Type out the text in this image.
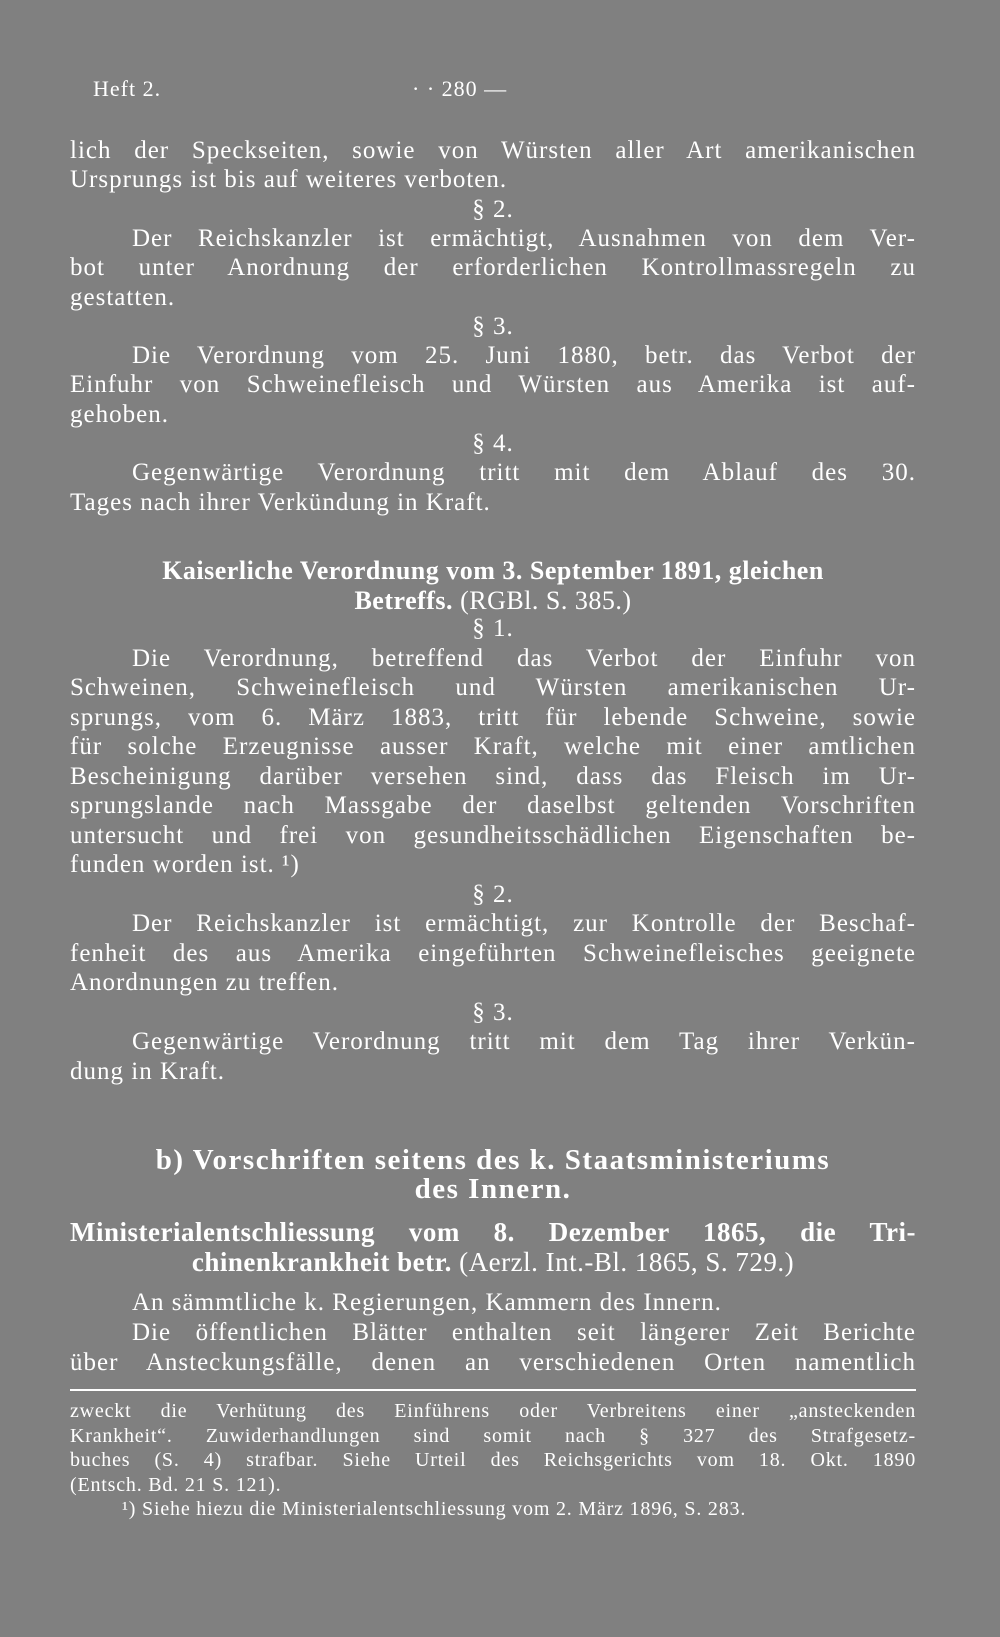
Heft 2.	· · 280 —
lich der Speckseiten, sowie von Würsten aller Art amerikanischen
Ursprungs ist bis auf weiteres verboten.
§ 2.
Der Reichskanzler ist ermächtigt, Ausnahmen von dem Ver-
bot unter Anordnung der erforderlichen Kontrollmassregeln zu
gestatten.
§ 3.
Die Verordnung vom 25. Juni 1880, betr. das Verbot der
Einfuhr von Schweinefleisch und Würsten aus Amerika ist auf-
gehoben.
§ 4.
Gegenwärtige Verordnung tritt mit dem Ablauf des 30.
Tages nach ihrer Verkündung in Kraft.
Kaiserliche Verordnung vom 3. September 1891, gleichen
Betreffs. (RGBl. S. 385.)
§ 1.
Die Verordnung, betreffend das Verbot der Einfuhr von
Schweinen, Schweinefleisch und Würsten amerikanischen Ur-
sprungs, vom 6. März 1883, tritt für lebende Schweine, sowie
für solche Erzeugnisse ausser Kraft, welche mit einer amtlichen
Bescheinigung darüber versehen sind, dass das Fleisch im Ur-
sprungslande nach Massgabe der daselbst geltenden Vorschriften
untersucht und frei von gesundheitsschädlichen Eigenschaften be-
funden worden ist. ¹)
§ 2.
Der Reichskanzler ist ermächtigt, zur Kontrolle der Beschaf-
fenheit des aus Amerika eingeführten Schweinefleisches geeignete
Anordnungen zu treffen.
§ 3.
Gegenwärtige Verordnung tritt mit dem Tag ihrer Verkün-
dung in Kraft.
b) Vorschriften seitens des k. Staatsministeriums
des Innern.
Ministerialentschliessung vom 8. Dezember 1865, die Tri-
chinenkrankheit betr. (Aerzl. Int.-Bl. 1865, S. 729.)
An sämmtliche k. Regierungen, Kammern des Innern.
Die öffentlichen Blätter enthalten seit längerer Zeit Berichte
über Ansteckungsfälle, denen an verschiedenen Orten namentlich
zweckt die Verhütung des Einführens oder Verbreitens einer „ansteckenden
Krankheit“. Zuwiderhandlungen sind somit nach § 327 des Strafgesetz-
buches (S. 4) strafbar. Siehe Urteil des Reichsgerichts vom 18. Okt. 1890
(Entsch. Bd. 21 S. 121).
¹) Siehe hiezu die Ministerialentschliessung vom 2. März 1896, S. 283.
